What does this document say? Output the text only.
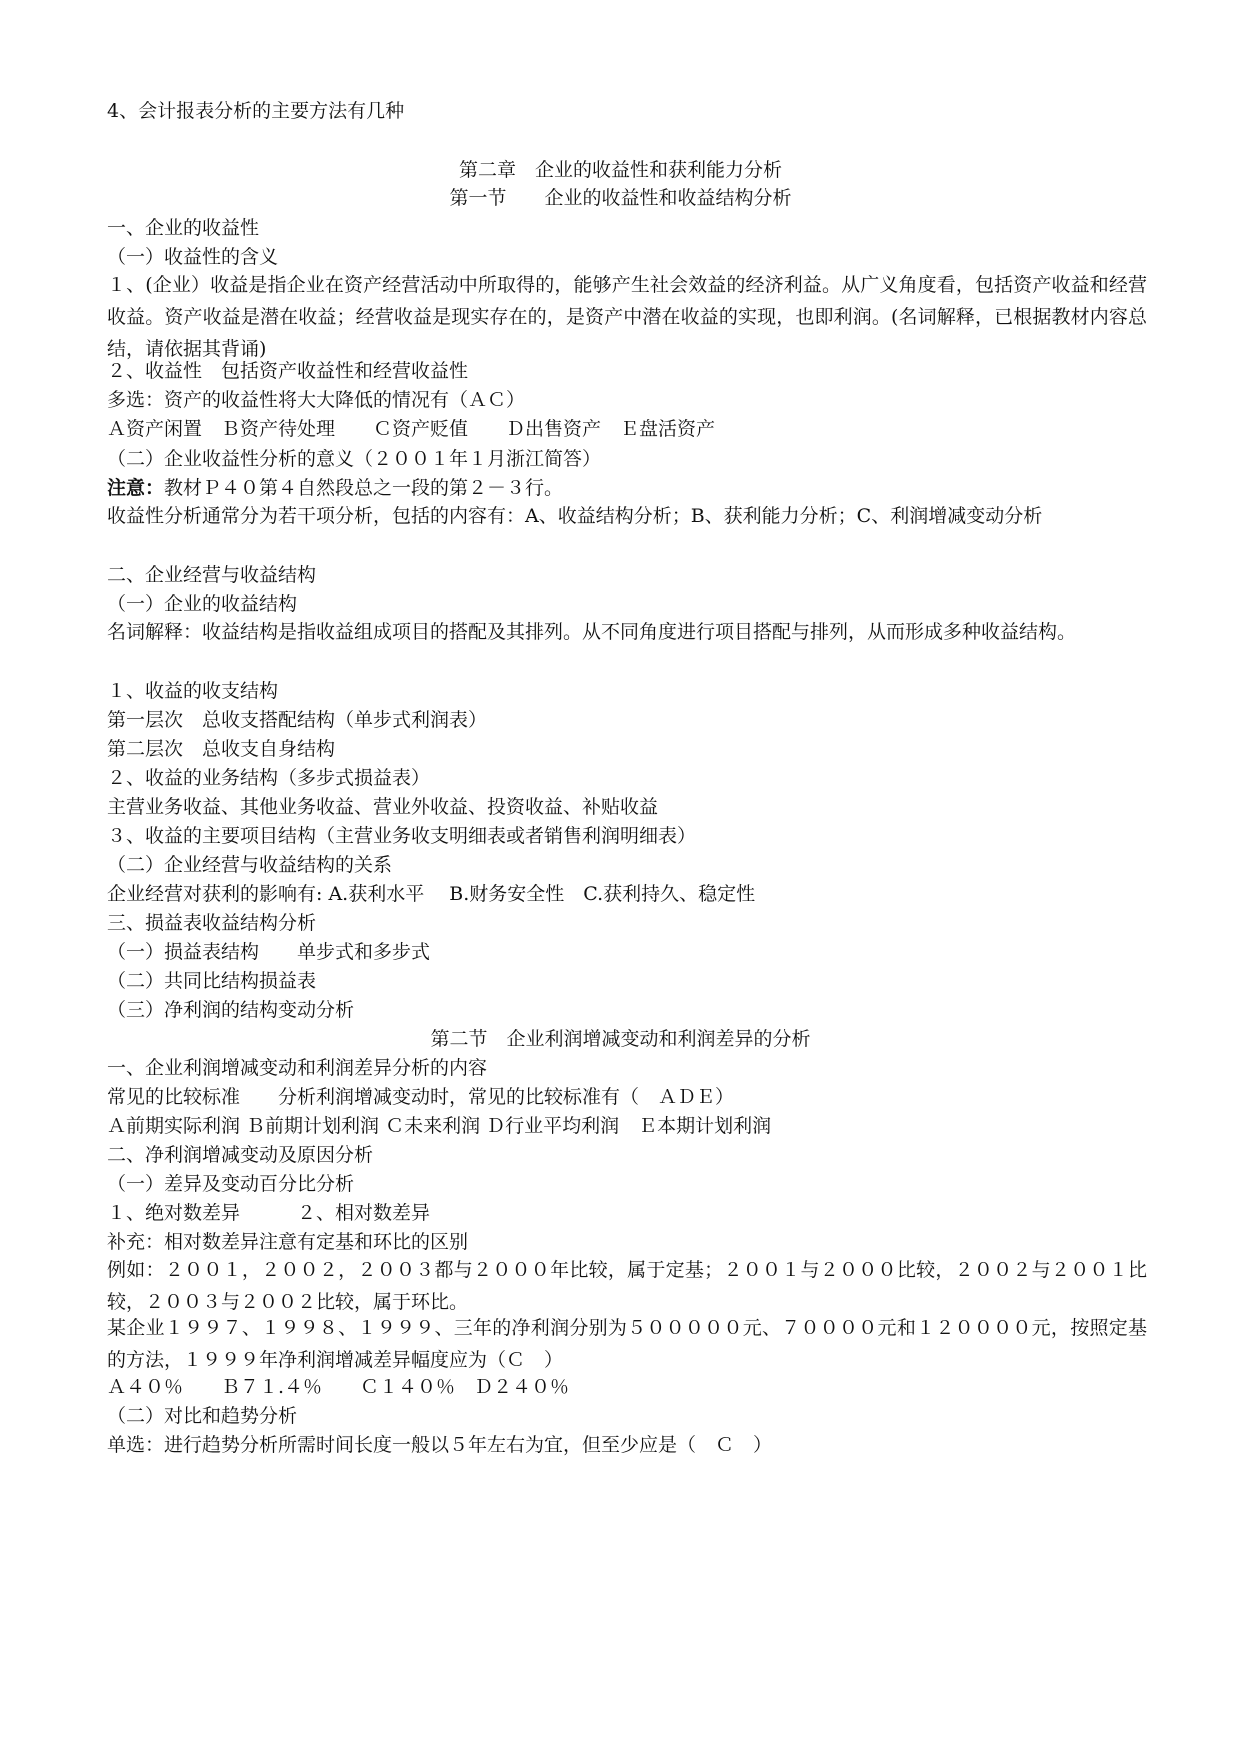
4、会计报表分析的主要方法有几种
第二章　企业的收益性和获利能力分析
第一节　　企业的收益性和收益结构分析
一、企业的收益性
（一）收益性的含义
１、(企业）收益是指企业在资产经营活动中所取得的，能够产生社会效益的经济利益。从广义角度看，包括资产收益和经营收益。资产收益是潜在收益；经营收益是现实存在的，是资产中潜在收益的实现，也即利润。(名词解释，已根据教材内容总结，请依据其背诵)
２、收益性　包括资产收益性和经营收益性
多选：资产的收益性将大大降低的情况有（ＡＣ）
Ａ资产闲置　Ｂ资产待处理　　Ｃ资产贬值　　Ｄ出售资产　Ｅ盘活资产
（二）企业收益性分析的意义（２００１年１月浙江简答）
注意：教材Ｐ４０第４自然段总之一段的第２－３行。
收益性分析通常分为若干项分析，包括的内容有：A、收益结构分析；B、获利能力分析；C、利润增减变动分析
二、企业经营与收益结构
（一）企业的收益结构
名词解释：收益结构是指收益组成项目的搭配及其排列。从不同角度进行项目搭配与排列，从而形成多种收益结构。
１、收益的收支结构
第一层次　总收支搭配结构（单步式利润表）
第二层次　总收支自身结构
２、收益的业务结构（多步式损益表）
主营业务收益、其他业务收益、营业外收益、投资收益、补贴收益
３、收益的主要项目结构（主营业务收支明细表或者销售利润明细表）
（二）企业经营与收益结构的关系
企业经营对获利的影响有: A.获利水平　 B.财务安全性　C.获利持久、稳定性
三、损益表收益结构分析
（一）损益表结构　　单步式和多步式
（二）共同比结构损益表
（三）净利润的结构变动分析
第二节　企业利润增减变动和利润差异的分析
一、企业利润增减变动和利润差异分析的内容
常见的比较标准　　分析利润增减变动时，常见的比较标准有（　ＡＤＥ）
Ａ前期实际利润 Ｂ前期计划利润 Ｃ未来利润 Ｄ行业平均利润　Ｅ本期计划利润
二、净利润增减变动及原因分析
（一）差异及变动百分比分析
１、绝对数差异　　　２、相对数差异
补充：相对数差异注意有定基和环比的区别
例如：２００１，２００２，２００３都与２０００年比较，属于定基；２００１与２０００比较，２００２与２００１比较，２００３与２００２比较，属于环比。
某企业１９９７、１９９８、１９９９、三年的净利润分别为５０００００元、７００００元和１２００００元，按照定基的方法，１９９９年净利润增减差异幅度应为（Ｃ　）
Ａ４０％　　Ｂ７１.４％　　Ｃ１４０％　Ｄ２４０％
（二）对比和趋势分析
单选：进行趋势分析所需时间长度一般以５年左右为宜，但至少应是（　Ｃ　）
